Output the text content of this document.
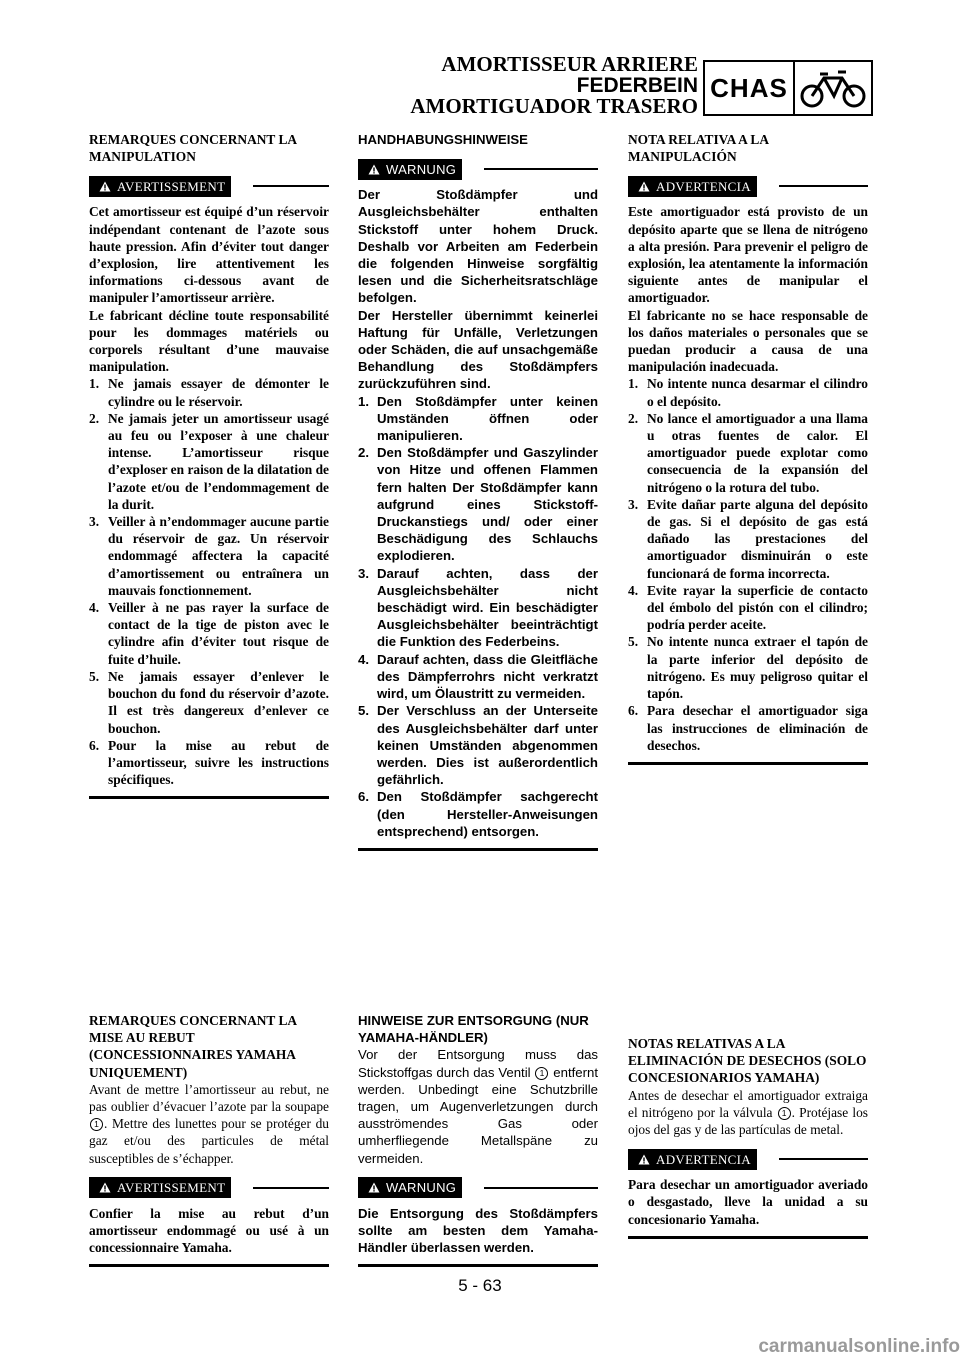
AMORTISSEUR ARRIERE
FEDERBEIN
AMORTIGUADOR TRASERO
CHAS

REMARQUES CONCERNANT LA MANIPULATION

AVERTISSEMENT

Cet amortisseur est équipé d’un réservoir indépendant contenant de l’azote sous haute pression. Afin d’éviter tout danger d’explosion, lire attentivement les informations ci-dessous avant de manipuler l’amortisseur arrière.

Le fabricant décline toute responsabilité pour les dommages matériels ou corporels résultant d’une mauvaise manipulation.

1. Ne jamais essayer de démonter le cylindre ou le réservoir.
2. Ne jamais jeter un amortisseur usagé au feu ou l’exposer à une chaleur intense. L’amortisseur risque d’exploser en raison de la dilatation de l’azote et/ou de l’endommagement de la durit.
3. Veiller à n’endommager aucune partie du réservoir de gaz. Un réservoir endommagé affectera la capacité d’amortissement ou entraînera un mauvais fonctionnement.
4. Veiller à ne pas rayer la surface de contact de la tige de piston avec le cylindre afin d’éviter tout risque de fuite d’huile.
5. Ne jamais essayer d’enlever le bouchon du fond du réservoir d’azote. Il est très dangereux d’enlever ce bouchon.
6. Pour la mise au rebut de l’amortisseur, suivre les instructions spécifiques.

HANDHABUNGSHINWEISE

WARNUNG

Der Stoßdämpfer und Ausgleichsbehälter enthalten Stickstoff unter hohem Druck. Deshalb vor Arbeiten am Federbein die folgenden Hinweise sorgfältig lesen und die Sicherheitsratschläge befolgen.

Der Hersteller übernimmt keinerlei Haftung für Unfälle, Verletzungen oder Schäden, die auf unsachgemäße Behandlung des Stoßdämpfers zurückzuführen sind.

1. Den Stoßdämpfer unter keinen Umständen öffnen oder manipulieren.
2. Den Stoßdämpfer und Gaszylinder von Hitze und offenen Flammen fern halten Der Stoßdämpfer kann aufgrund eines Stickstoff-Druckanstiegs und/ oder einer Beschädigung des Schlauchs explodieren.
3. Darauf achten, dass der Ausgleichsbehälter nicht beschädigt wird. Ein beschädigter Ausgleichsbehälter beeinträchtigt die Funktion des Federbeins.
4. Darauf achten, dass die Gleitfläche des Dämpferrohrs nicht verkratzt wird, um Ölaustritt zu vermeiden.
5. Der Verschluss an der Unterseite des Ausgleichsbehälter darf unter keinen Umständen abgenommen werden. Dies ist außerordentlich gefährlich.
6. Den Stoßdämpfer sachgerecht (den Hersteller-Anweisungen entsprechend) entsorgen.

NOTA RELATIVA A LA MANIPULACIÓN

ADVERTENCIA

Este amortiguador está provisto de un depósito aparte que se llena de nitrógeno a alta presión. Para prevenir el peligro de explosión, lea atentamente la información siguiente antes de manipular el amortiguador.

El fabricante no se hace responsable de los daños materiales o personales que se puedan producir a causa de una manipulación inadecuada.

1. No intente nunca desarmar el cilindro o el depósito.
2. No lance el amortiguador a una llama u otras fuentes de calor. El amortiguador puede explotar como consecuencia de la expansión del nitrógeno o la rotura del tubo.
3. Evite dañar parte alguna del depósito de gas. Si el depósito de gas está dañado las prestaciones del amortiguador disminuirán o este funcionará de forma incorrecta.
4. Evite rayar la superficie de contacto del émbolo del pistón con el cilindro; podría perder aceite.
5. No intente nunca extraer el tapón de la parte inferior del depósito de nitrógeno. Es muy peligroso quitar el tapón.
6. Para desechar el amortiguador siga las instrucciones de eliminación de desechos.

REMARQUES CONCERNANT LA MISE AU REBUT (CONCESSIONNAIRES YAMAHA UNIQUEMENT)

Avant de mettre l’amortisseur au rebut, ne pas oublier d’évacuer l’azote par la soupape 1 . Mettre des lunettes pour se protéger du gaz et/ou des particules de métal susceptibles de s’échapper.

AVERTISSEMENT

Confier la mise au rebut d’un amortisseur endommagé ou usé à un concessionnaire Yamaha.

HINWEISE ZUR ENTSORGUNG (NUR YAMAHA-HÄNDLER)

Vor der Entsorgung muss das Stickstoffgas durch das Ventil 1 entfernt werden. Unbedingt eine Schutzbrille tragen, um Augenverletzungen durch ausströmendes Gas oder umherfliegende Metallspäne zu vermeiden.

WARNUNG

Die Entsorgung des Stoßdämpfers sollte am besten dem Yamaha-Händler überlassen werden.

NOTAS RELATIVAS A LA ELIMINACIÓN DE DESECHOS (SOLO CONCESIONARIOS YAMAHA)

Antes de desechar el amortiguador extraiga el nitrógeno por la válvula 1 . Protéjase los ojos del gas y de las partículas de metal.

ADVERTENCIA

Para desechar un amortiguador averiado o desgastado, lleve la unidad a su concesionario Yamaha.

5 - 63
carmanualsonline.info
